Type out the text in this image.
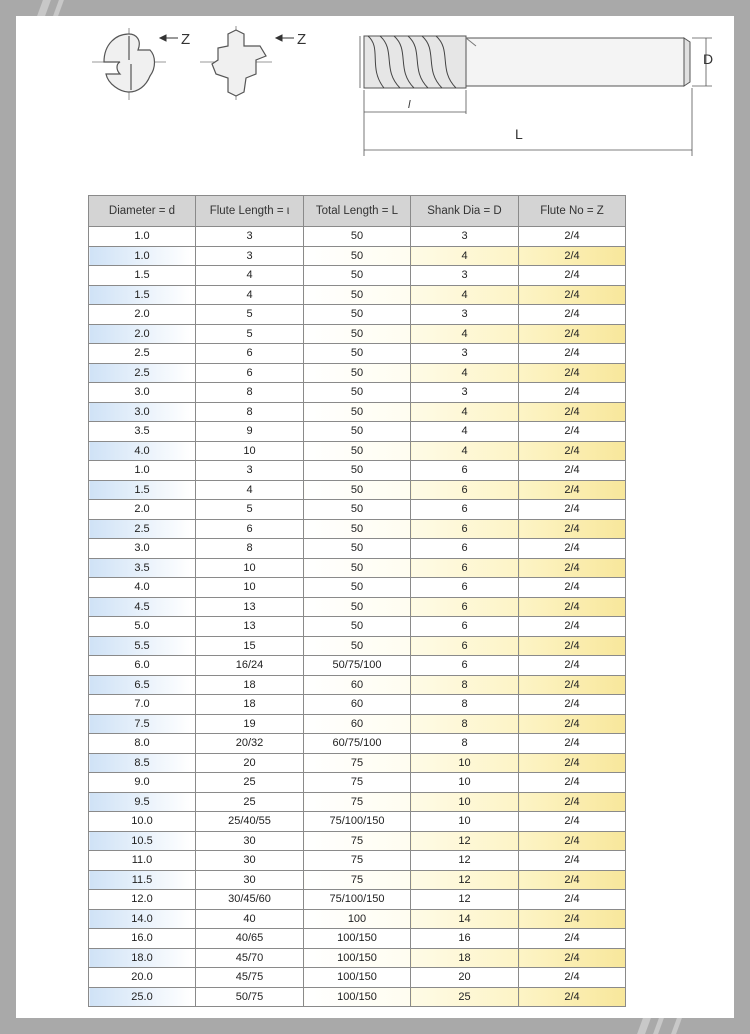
Z	Z
D
l
L
Diameter = d	Flute Length = ι	Total Length = L	Shank Dia = D	Flute No = Z
1.0	3	50	3	2/4
1.0	3	50	4	2/4
1.5	4	50	3	2/4
1.5	4	50	4	2/4
2.0	5	50	3	2/4
2.0	5	50	4	2/4
2.5	6	50	3	2/4
2.5	6	50	4	2/4
3.0	8	50	3	2/4
3.0	8	50	4	2/4
3.5	9	50	4	2/4
4.0	10	50	4	2/4
1.0	3	50	6	2/4
1.5	4	50	6	2/4
2.0	5	50	6	2/4
2.5	6	50	6	2/4
3.0	8	50	6	2/4
3.5	10	50	6	2/4
4.0	10	50	6	2/4
4.5	13	50	6	2/4
5.0	13	50	6	2/4
5.5	15	50	6	2/4
6.0	16/24	50/75/100	6	2/4
6.5	18	60	8	2/4
7.0	18	60	8	2/4
7.5	19	60	8	2/4
8.0	20/32	60/75/100	8	2/4
8.5	20	75	10	2/4
9.0	25	75	10	2/4
9.5	25	75	10	2/4
10.0	25/40/55	75/100/150	10	2/4
10.5	30	75	12	2/4
11.0	30	75	12	2/4
11.5	30	75	12	2/4
12.0	30/45/60	75/100/150	12	2/4
14.0	40	100	14	2/4
16.0	40/65	100/150	16	2/4
18.0	45/70	100/150	18	2/4
20.0	45/75	100/150	20	2/4
25.0	50/75	100/150	25	2/4
